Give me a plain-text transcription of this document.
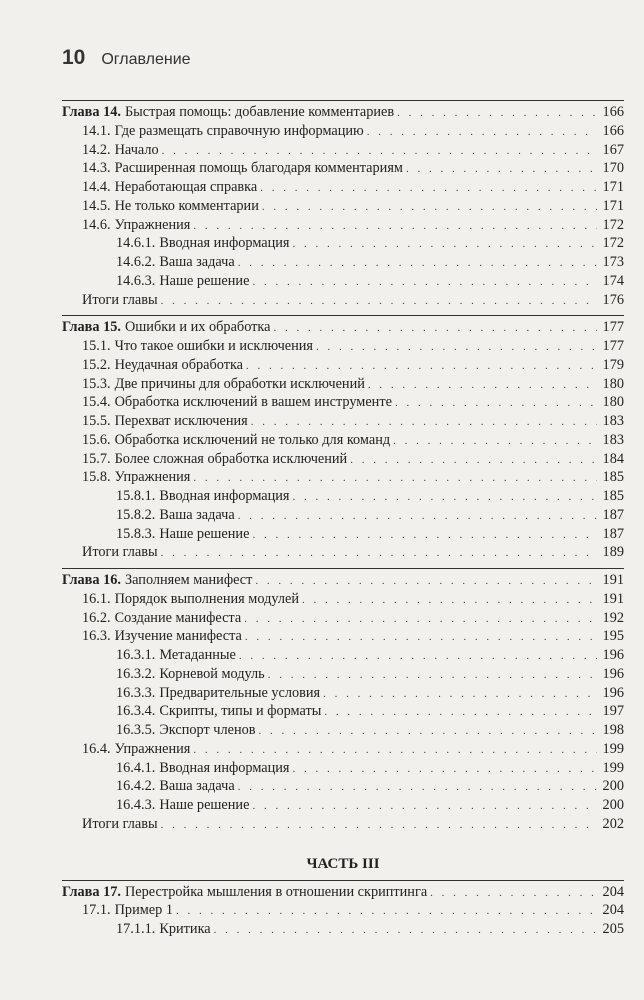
10 Оглавление
Глава 14. Быстрая помощь: добавление комментариев . . .	166
14.1. Где размещать справочную информацию . . .	166
14.2. Начало . . .	167
14.3. Расширенная помощь благодаря комментариям . . .	170
14.4. Неработающая справка . . .	171
14.5. Не только комментарии . . .	171
14.6. Упражнения . . .	172
14.6.1. Вводная информация . . .	172
14.6.2. Ваша задача . . .	173
14.6.3. Наше решение . . .	174
Итоги главы . . .	176
Глава 15. Ошибки и их обработка . . .	177
15.1. Что такое ошибки и исключения . . .	177
15.2. Неудачная обработка . . .	179
15.3. Две причины для обработки исключений . . .	180
15.4. Обработка исключений в вашем инструменте . . .	180
15.5. Перехват исключения . . .	183
15.6. Обработка исключений не только для команд . . .	183
15.7. Более сложная обработка исключений . . .	184
15.8. Упражнения . . .	185
15.8.1. Вводная информация . . .	185
15.8.2. Ваша задача . . .	187
15.8.3. Наше решение . . .	187
Итоги главы . . .	189
Глава 16. Заполняем манифест . . .	191
16.1. Порядок выполнения модулей . . .	191
16.2. Создание манифеста . . .	192
16.3. Изучение манифеста . . .	195
16.3.1. Метаданные . . .	196
16.3.2. Корневой модуль . . .	196
16.3.3. Предварительные условия . . .	196
16.3.4. Скрипты, типы и форматы . . .	197
16.3.5. Экспорт членов . . .	198
16.4. Упражнения . . .	199
16.4.1. Вводная информация . . .	199
16.4.2. Ваша задача . . .	200
16.4.3. Наше решение . . .	200
Итоги главы . . .	202
ЧАСТЬ III
Глава 17. Перестройка мышления в отношении скриптинга . . .	204
17.1. Пример 1 . . .	204
17.1.1. Критика . . .	205
